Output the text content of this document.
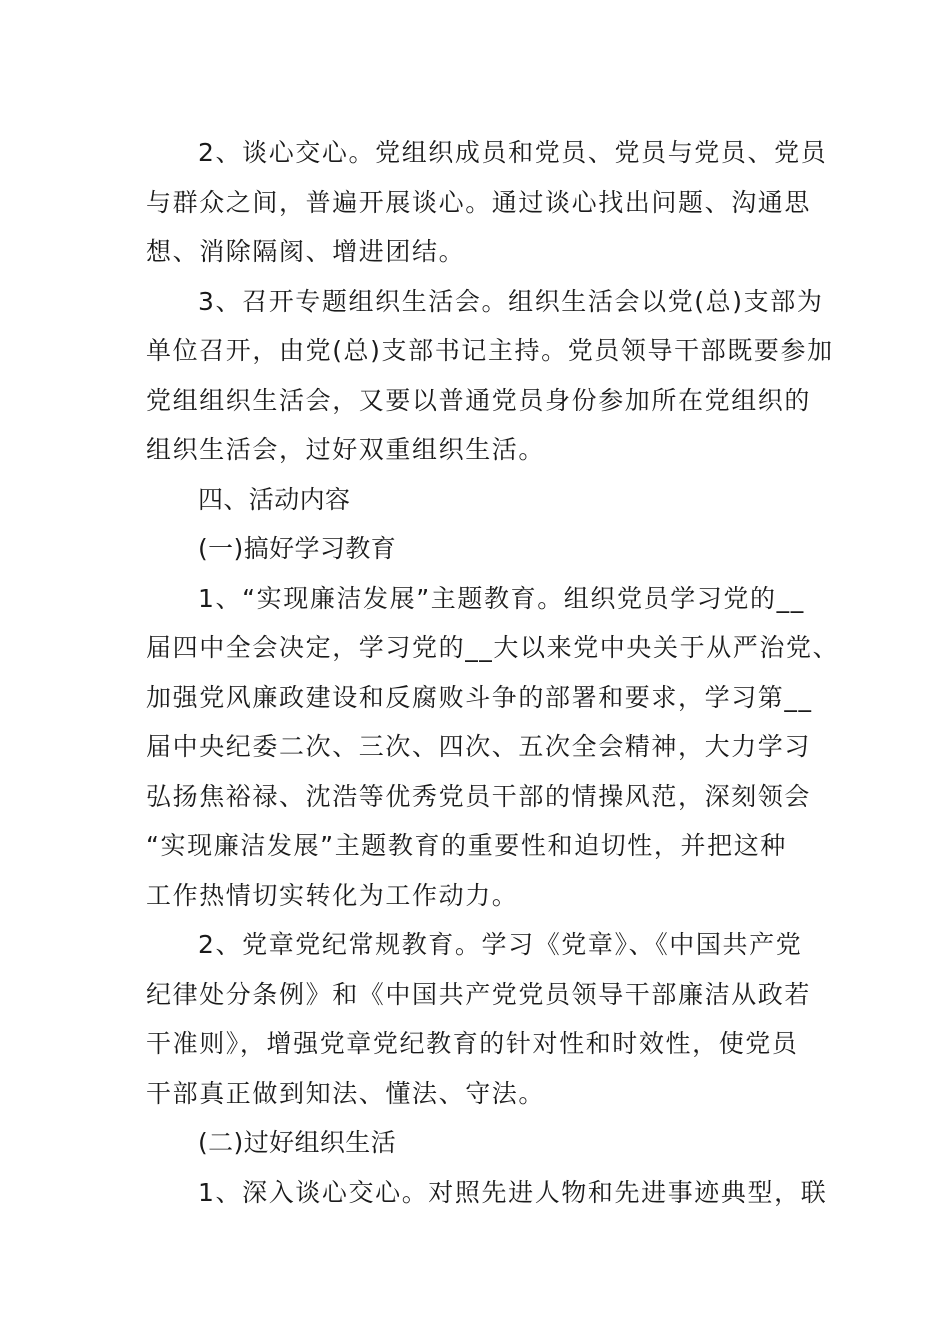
2、谈心交心。党组织成员和党员、党员与党员、党员
与群众之间，普遍开展谈心。通过谈心找出问题、沟通思
想、消除隔阂、增进团结。
3、召开专题组织生活会。组织生活会以党(总)支部为
单位召开，由党(总)支部书记主持。党员领导干部既要参加
党组组织生活会，又要以普通党员身份参加所在党组织的
组织生活会，过好双重组织生活。
四、活动内容
(一)搞好学习教育
1、“实现廉洁发展”主题教育。组织党员学习党的__
届四中全会决定，学习党的__大以来党中央关于从严治党、
加强党风廉政建设和反腐败斗争的部署和要求，学习第__
届中央纪委二次、三次、四次、五次全会精神，大力学习
弘扬焦裕禄、沈浩等优秀党员干部的情操风范，深刻领会
“实现廉洁发展”主题教育的重要性和迫切性，并把这种
工作热情切实转化为工作动力。
2、党章党纪常规教育。学习《党章》、《中国共产党
纪律处分条例》和《中国共产党党员领导干部廉洁从政若
干准则》，增强党章党纪教育的针对性和时效性，使党员
干部真正做到知法、懂法、守法。
(二)过好组织生活
1、深入谈心交心。对照先进人物和先进事迹典型，联
